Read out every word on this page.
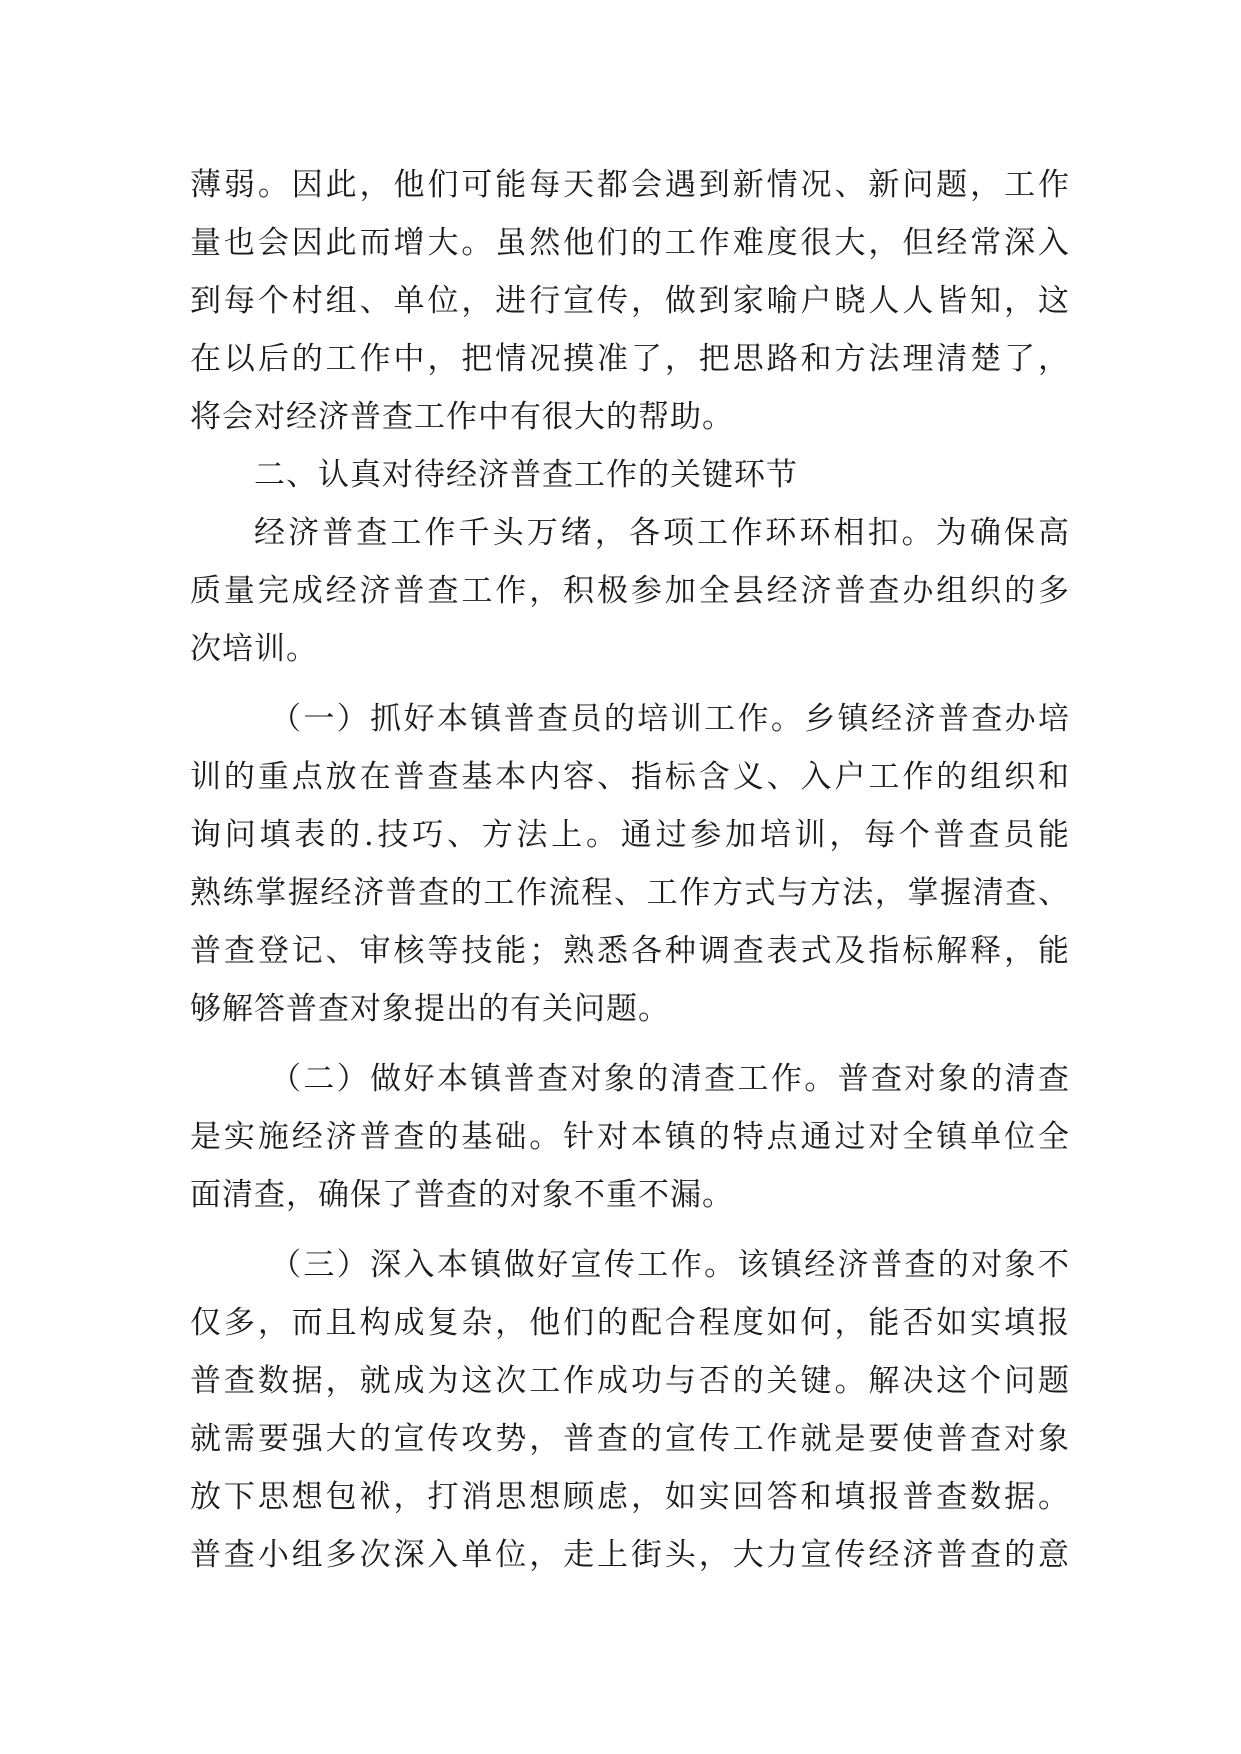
薄弱。因此，他们可能每天都会遇到新情况、新问题，工作
量也会因此而增大。虽然他们的工作难度很大，但经常深入
到每个村组、单位，进行宣传，做到家喻户晓人人皆知，这
在以后的工作中，把情况摸准了，把思路和方法理清楚了，
将会对经济普查工作中有很大的帮助。
二、认真对待经济普查工作的关键环节
经济普查工作千头万绪，各项工作环环相扣。为确保高
质量完成经济普查工作，积极参加全县经济普查办组织的多
次培训。
（一）抓好本镇普查员的培训工作。乡镇经济普查办培
训的重点放在普查基本内容、指标含义、入户工作的组织和
询问填表的.技巧、方法上。通过参加培训，每个普查员能
熟练掌握经济普查的工作流程、工作方式与方法，掌握清查、
普查登记、审核等技能；熟悉各种调查表式及指标解释，能
够解答普查对象提出的有关问题。
（二）做好本镇普查对象的清查工作。普查对象的清查
是实施经济普查的基础。针对本镇的特点通过对全镇单位全
面清查，确保了普查的对象不重不漏。
（三）深入本镇做好宣传工作。该镇经济普查的对象不
仅多，而且构成复杂，他们的配合程度如何，能否如实填报
普查数据，就成为这次工作成功与否的关键。解决这个问题
就需要强大的宣传攻势，普查的宣传工作就是要使普查对象
放下思想包袱，打消思想顾虑，如实回答和填报普查数据。
普查小组多次深入单位，走上街头，大力宣传经济普查的意
